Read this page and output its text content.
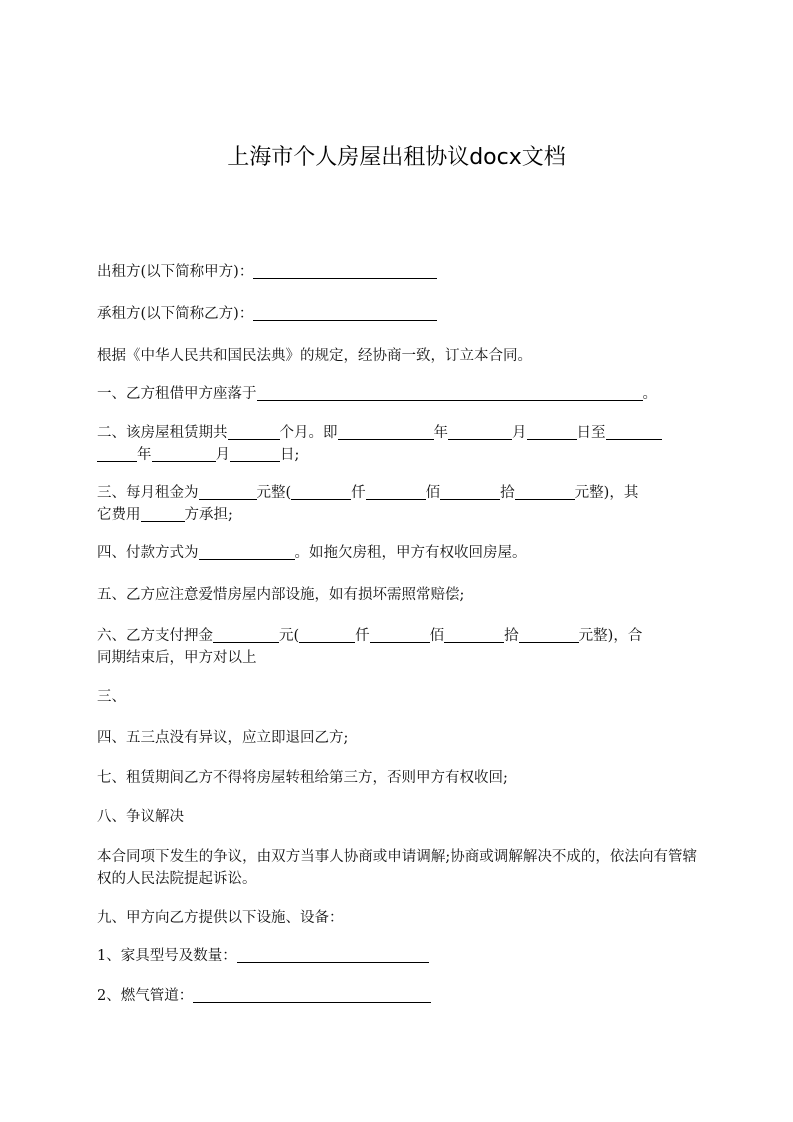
上海市个人房屋出租协议docx文档

出租方(以下简称甲方)：

承租方(以下简称乙方)：

根据《中华人民共和国民法典》的规定，经协商一致，订立本合同。

一、乙方租借甲方座落于	。

二、该房屋租赁期共	个月。即	年	月	日至
年	月	日;

三、每月租金为	元整(	仟	佰	拾	元整)，其
它费用	方承担;

四、付款方式为	。如拖欠房租，甲方有权收回房屋。

五、乙方应注意爱惜房屋内部设施，如有损坏需照常赔偿;

六、乙方支付押金	元(	仟	佰	拾	元整)，合
同期结束后，甲方对以上

三、

四、五三点没有异议，应立即退回乙方;

七、租赁期间乙方不得将房屋转租给第三方，否则甲方有权收回;

八、争议解决

本合同项下发生的争议，由双方当事人协商或申请调解;协商或调解解决不成的，依法向有管辖权的人民法院提起诉讼。

九、甲方向乙方提供以下设施、设备：

1、家具型号及数量：

2、燃气管道：
